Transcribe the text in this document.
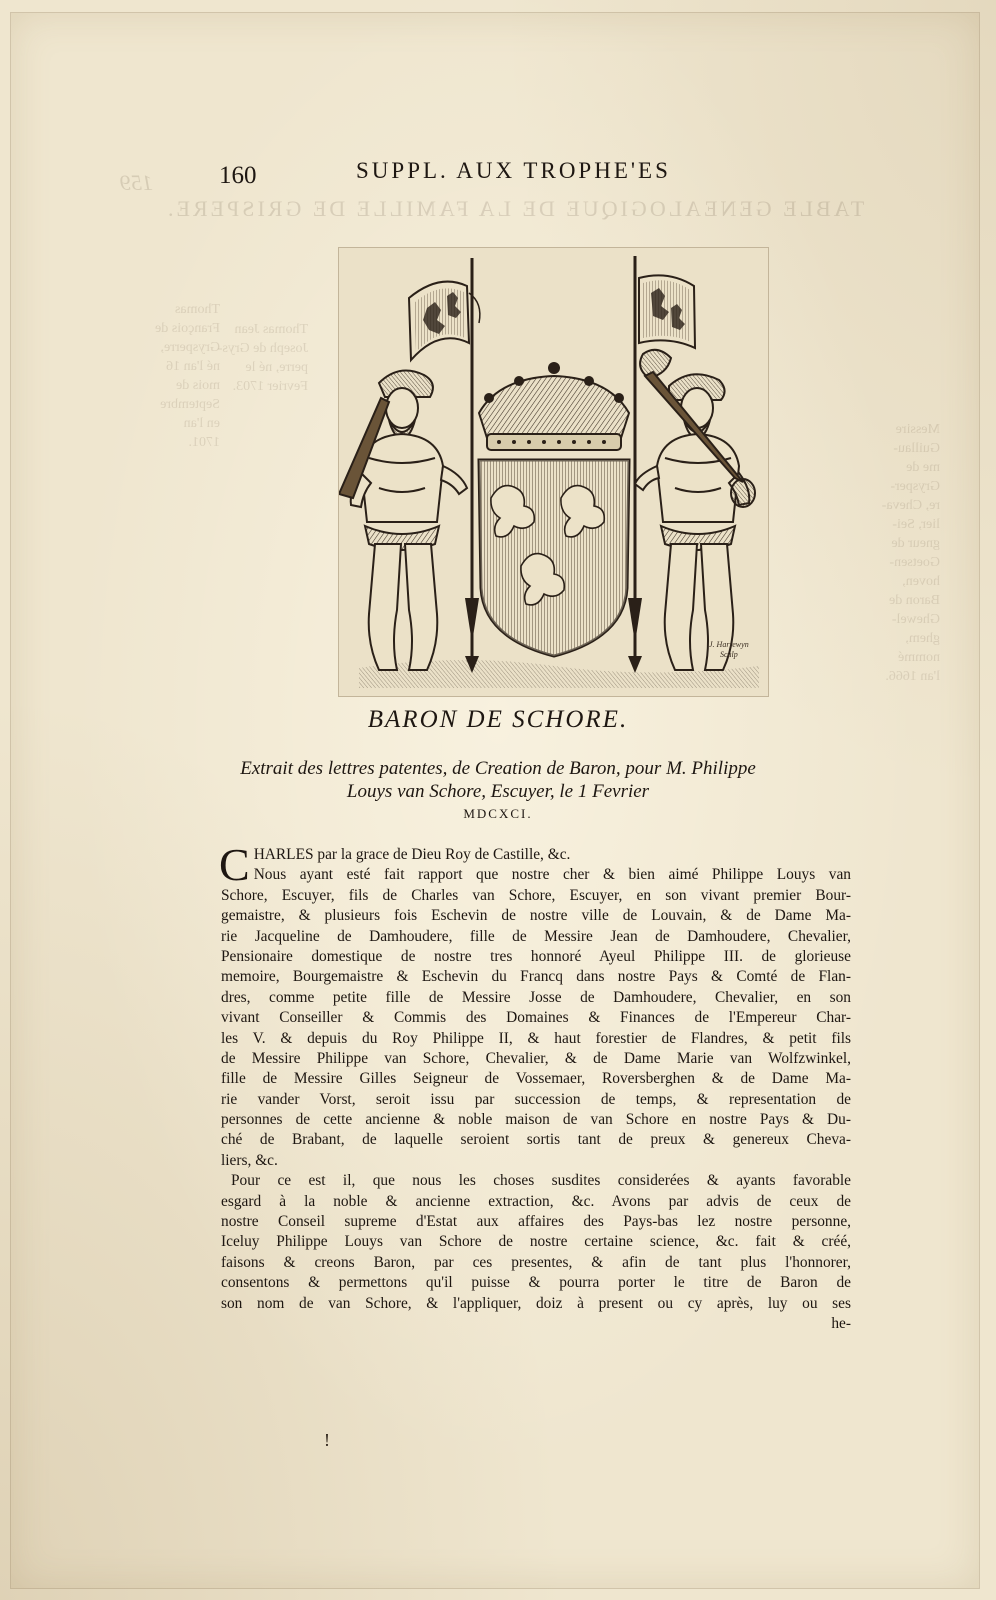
159
TABLE GENEALOGIQUE DE LA FAMILLE DE GRISPERE.
Thomas
François de
Grysperre,
né l'an 16
mois de
Septembre
en l'an
1701.
Thomas Jean
Joseph de Grys-
perre, né le
Fevrier 1703.
Messire
Guillau-
me de
Grysper-
re, Cheva-
lier, Sei-
gneur de
Goetsen-
hoven,
Baron de
Ghewel-
ghem,
nommé
l'an 1666.
160	SUPPL. AUX TROPHE'ES
J. Harrewyn
Sculp
BARON DE SCHORE.
Extrait des lettres patentes, de Creation de Baron, pour M. Philippe
Louys van Schore, Escuyer, le 1 Fevrier
MDCXCI.
C HARLES par la grace de Dieu Roy de Castille, &c.
Nous ayant esté fait rapport que nostre cher & bien aimé Philippe Louys van
Schore, Escuyer, fils de Charles van Schore, Escuyer, en son vivant premier Bour-
gemaistre, & plusieurs fois Eschevin de nostre ville de Louvain, & de Dame Ma-
rie Jacqueline de Damhoudere, fille de Messire Jean de Damhoudere, Chevalier,
Pensionaire domestique de nostre tres honnoré Ayeul Philippe III. de glorieuse
memoire, Bourgemaistre & Eschevin du Francq dans nostre Pays & Comté de Flan-
dres, comme petite fille de Messire Josse de Damhoudere, Chevalier, en son
vivant Conseiller & Commis des Domaines & Finances de l'Empereur Char-
les V. & depuis du Roy Philippe II, & haut forestier de Flandres, & petit fils
de Messire Philippe van Schore, Chevalier, & de Dame Marie van Wolfzwinkel,
fille de Messire Gilles Seigneur de Vossemaer, Roversberghen & de Dame Ma-
rie vander Vorst, seroit issu par succession de temps, & representation de
personnes de cette ancienne & noble maison de van Schore en nostre Pays & Du-
ché de Brabant, de laquelle seroient sortis tant de preux & genereux Cheva-
liers, &c.
Pour ce est il, que nous les choses susdites considerées & ayants favorable
esgard à la noble & ancienne extraction, &c. Avons par advis de ceux de
nostre Conseil supreme d'Estat aux affaires des Pays-bas lez nostre personne,
Iceluy Philippe Louys van Schore de nostre certaine science, &c. fait & créé,
faisons & creons Baron, par ces presentes, & afin de tant plus l'honnorer,
consentons & permettons qu'il puisse & pourra porter le titre de Baron de
son nom de van Schore, & l'appliquer, doiz à present ou cy après, luy ou ses
he-
ǃ
